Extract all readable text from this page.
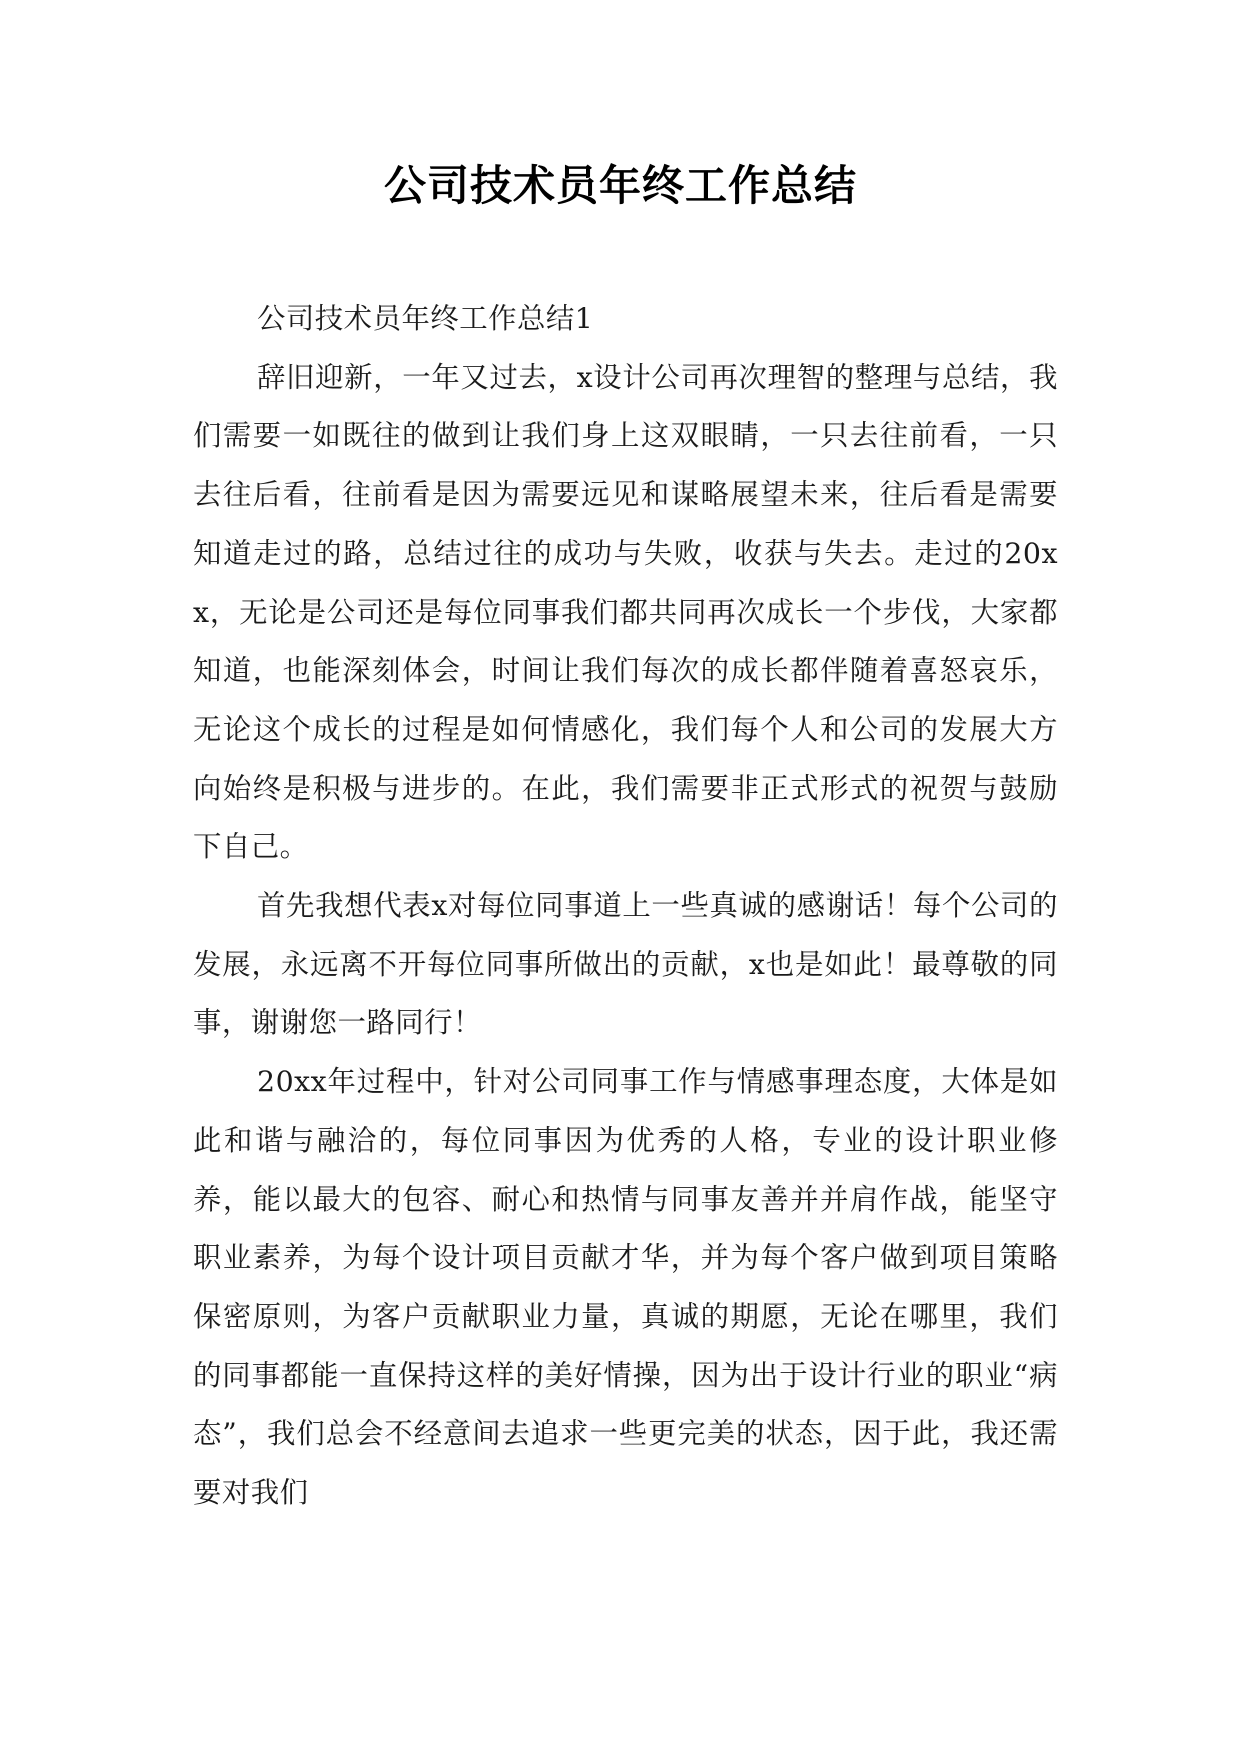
公司技术员年终工作总结

公司技术员年终工作总结1

辞旧迎新，一年又过去，x设计公司再次理智的整理与总结，我们需要一如既往的做到让我们身上这双眼睛，一只去往前看，一只去往后看，往前看是因为需要远见和谋略展望未来，往后看是需要知道走过的路，总结过往的成功与失败，收获与失去。走过的20xx，无论是公司还是每位同事我们都共同再次成长一个步伐，大家都知道，也能深刻体会，时间让我们每次的成长都伴随着喜怒哀乐，无论这个成长的过程是如何情感化，我们每个人和公司的发展大方向始终是积极与进步的。在此，我们需要非正式形式的祝贺与鼓励下自己。

首先我想代表x对每位同事道上一些真诚的感谢话！每个公司的发展，永远离不开每位同事所做出的贡献，x也是如此！最尊敬的同事，谢谢您一路同行！

20xx年过程中，针对公司同事工作与情感事理态度，大体是如此和谐与融洽的，每位同事因为优秀的人格，专业的设计职业修养，能以最大的包容、耐心和热情与同事友善并并肩作战，能坚守职业素养，为每个设计项目贡献才华，并为每个客户做到项目策略保密原则，为客户贡献职业力量，真诚的期愿，无论在哪里，我们的同事都能一直保持这样的美好情操，因为出于设计行业的职业“病态”，我们总会不经意间去追求一些更完美的状态，因于此，我还需要对我们
